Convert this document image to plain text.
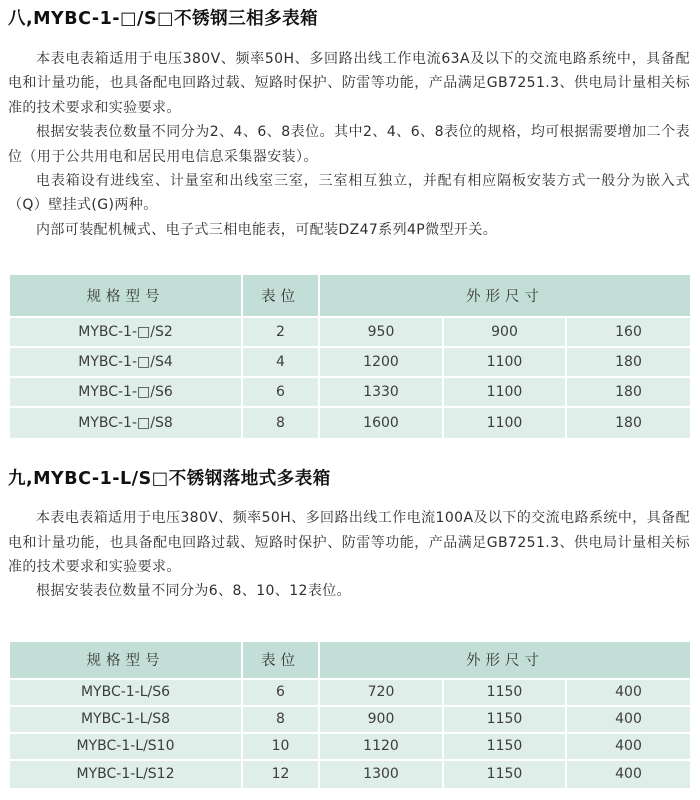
八,MYBC-1-□/S□不锈钢三相多表箱

本表电表箱适用于电压380V、频率50H、多回路出线工作电流63A及以下的交流电路系统中，具备配电和计量功能，也具备配电回路过载、短路时保护、防雷等功能，产品满足GB7251.3、供电局计量相关标准的技术要求和实验要求。

根据安装表位数量不同分为2、4、6、8表位。其中2、4、6、8表位的规格，均可根据需要增加二个表位（用于公共用电和居民用电信息采集器安装）。

电表箱设有进线室、计量室和出线室三室，三室相互独立，并配有相应隔板安装方式一般分为嵌入式（Q）壁挂式(G)两种。

内部可装配机械式、电子式三相电能表，可配装DZ47系列4P微型开关。

规格型号	表位	外形尺寸		
MYBC-1-□/S2	2	950	900	160
MYBC-1-□/S4	4	1200	1100	180
MYBC-1-□/S6	6	1330	1100	180
MYBC-1-□/S8	8	1600	1100	180
九,MYBC-1-L/S□不锈钢落地式多表箱

本表电表箱适用于电压380V、频率50H、多回路出线工作电流100A及以下的交流电路系统中，具备配电和计量功能，也具备配电回路过载、短路时保护、防雷等功能，产品满足GB7251.3、供电局计量相关标准的技术要求和实验要求。

根据安装表位数量不同分为6、8、10、12表位。

规格型号	表位	外形尺寸		
MYBC-1-L/S6	6	720	1150	400
MYBC-1-L/S8	8	900	1150	400
MYBC-1-L/S10	10	1120	1150	400
MYBC-1-L/S12	12	1300	1150	400
